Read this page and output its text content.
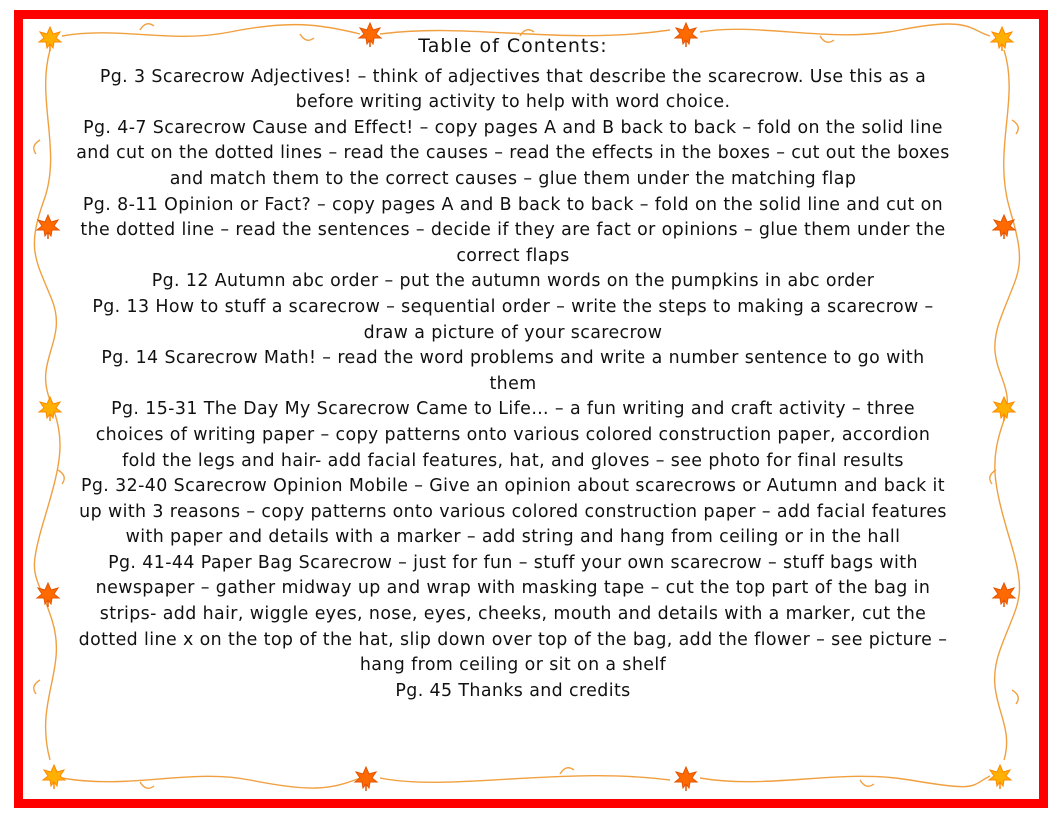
Table of Contents:

Pg. 3 Scarecrow Adjectives! – think of adjectives that describe the scarecrow. Use this as a before writing activity to help with word choice.

Pg. 4-7 Scarecrow Cause and Effect! – copy pages A and B back to back – fold on the solid line and cut on the dotted lines – read the causes – read the effects in the boxes – cut out the boxes and match them to the correct causes – glue them under the matching flap

Pg. 8-11 Opinion or Fact? – copy pages A and B back to back – fold on the solid line and cut on the dotted line – read the sentences – decide if they are fact or opinions – glue them under the correct flaps

Pg. 12 Autumn abc order – put the autumn words on the pumpkins in abc order

Pg. 13 How to stuff a scarecrow – sequential order – write the steps to making a scarecrow – draw a picture of your scarecrow

Pg. 14 Scarecrow Math! – read the word problems and write a number sentence to go with them

Pg. 15-31 The Day My Scarecrow Came to Life… – a fun writing and craft activity – three choices of writing paper – copy patterns onto various colored construction paper, accordion fold the legs and hair- add facial features, hat, and gloves – see photo for final results

Pg. 32-40 Scarecrow Opinion Mobile – Give an opinion about scarecrows or Autumn and back it up with 3 reasons – copy patterns onto various colored construction paper – add facial features with paper and details with a marker – add string and hang from ceiling or in the hall

Pg. 41-44 Paper Bag Scarecrow – just for fun – stuff your own scarecrow – stuff bags with newspaper – gather midway up and wrap with masking tape – cut the top part of the bag in strips- add hair, wiggle eyes, nose, eyes, cheeks, mouth and details with a marker, cut the dotted line x on the top of the hat, slip down over top of the bag, add the flower – see picture – hang from ceiling or sit on a shelf

Pg. 45 Thanks and credits
